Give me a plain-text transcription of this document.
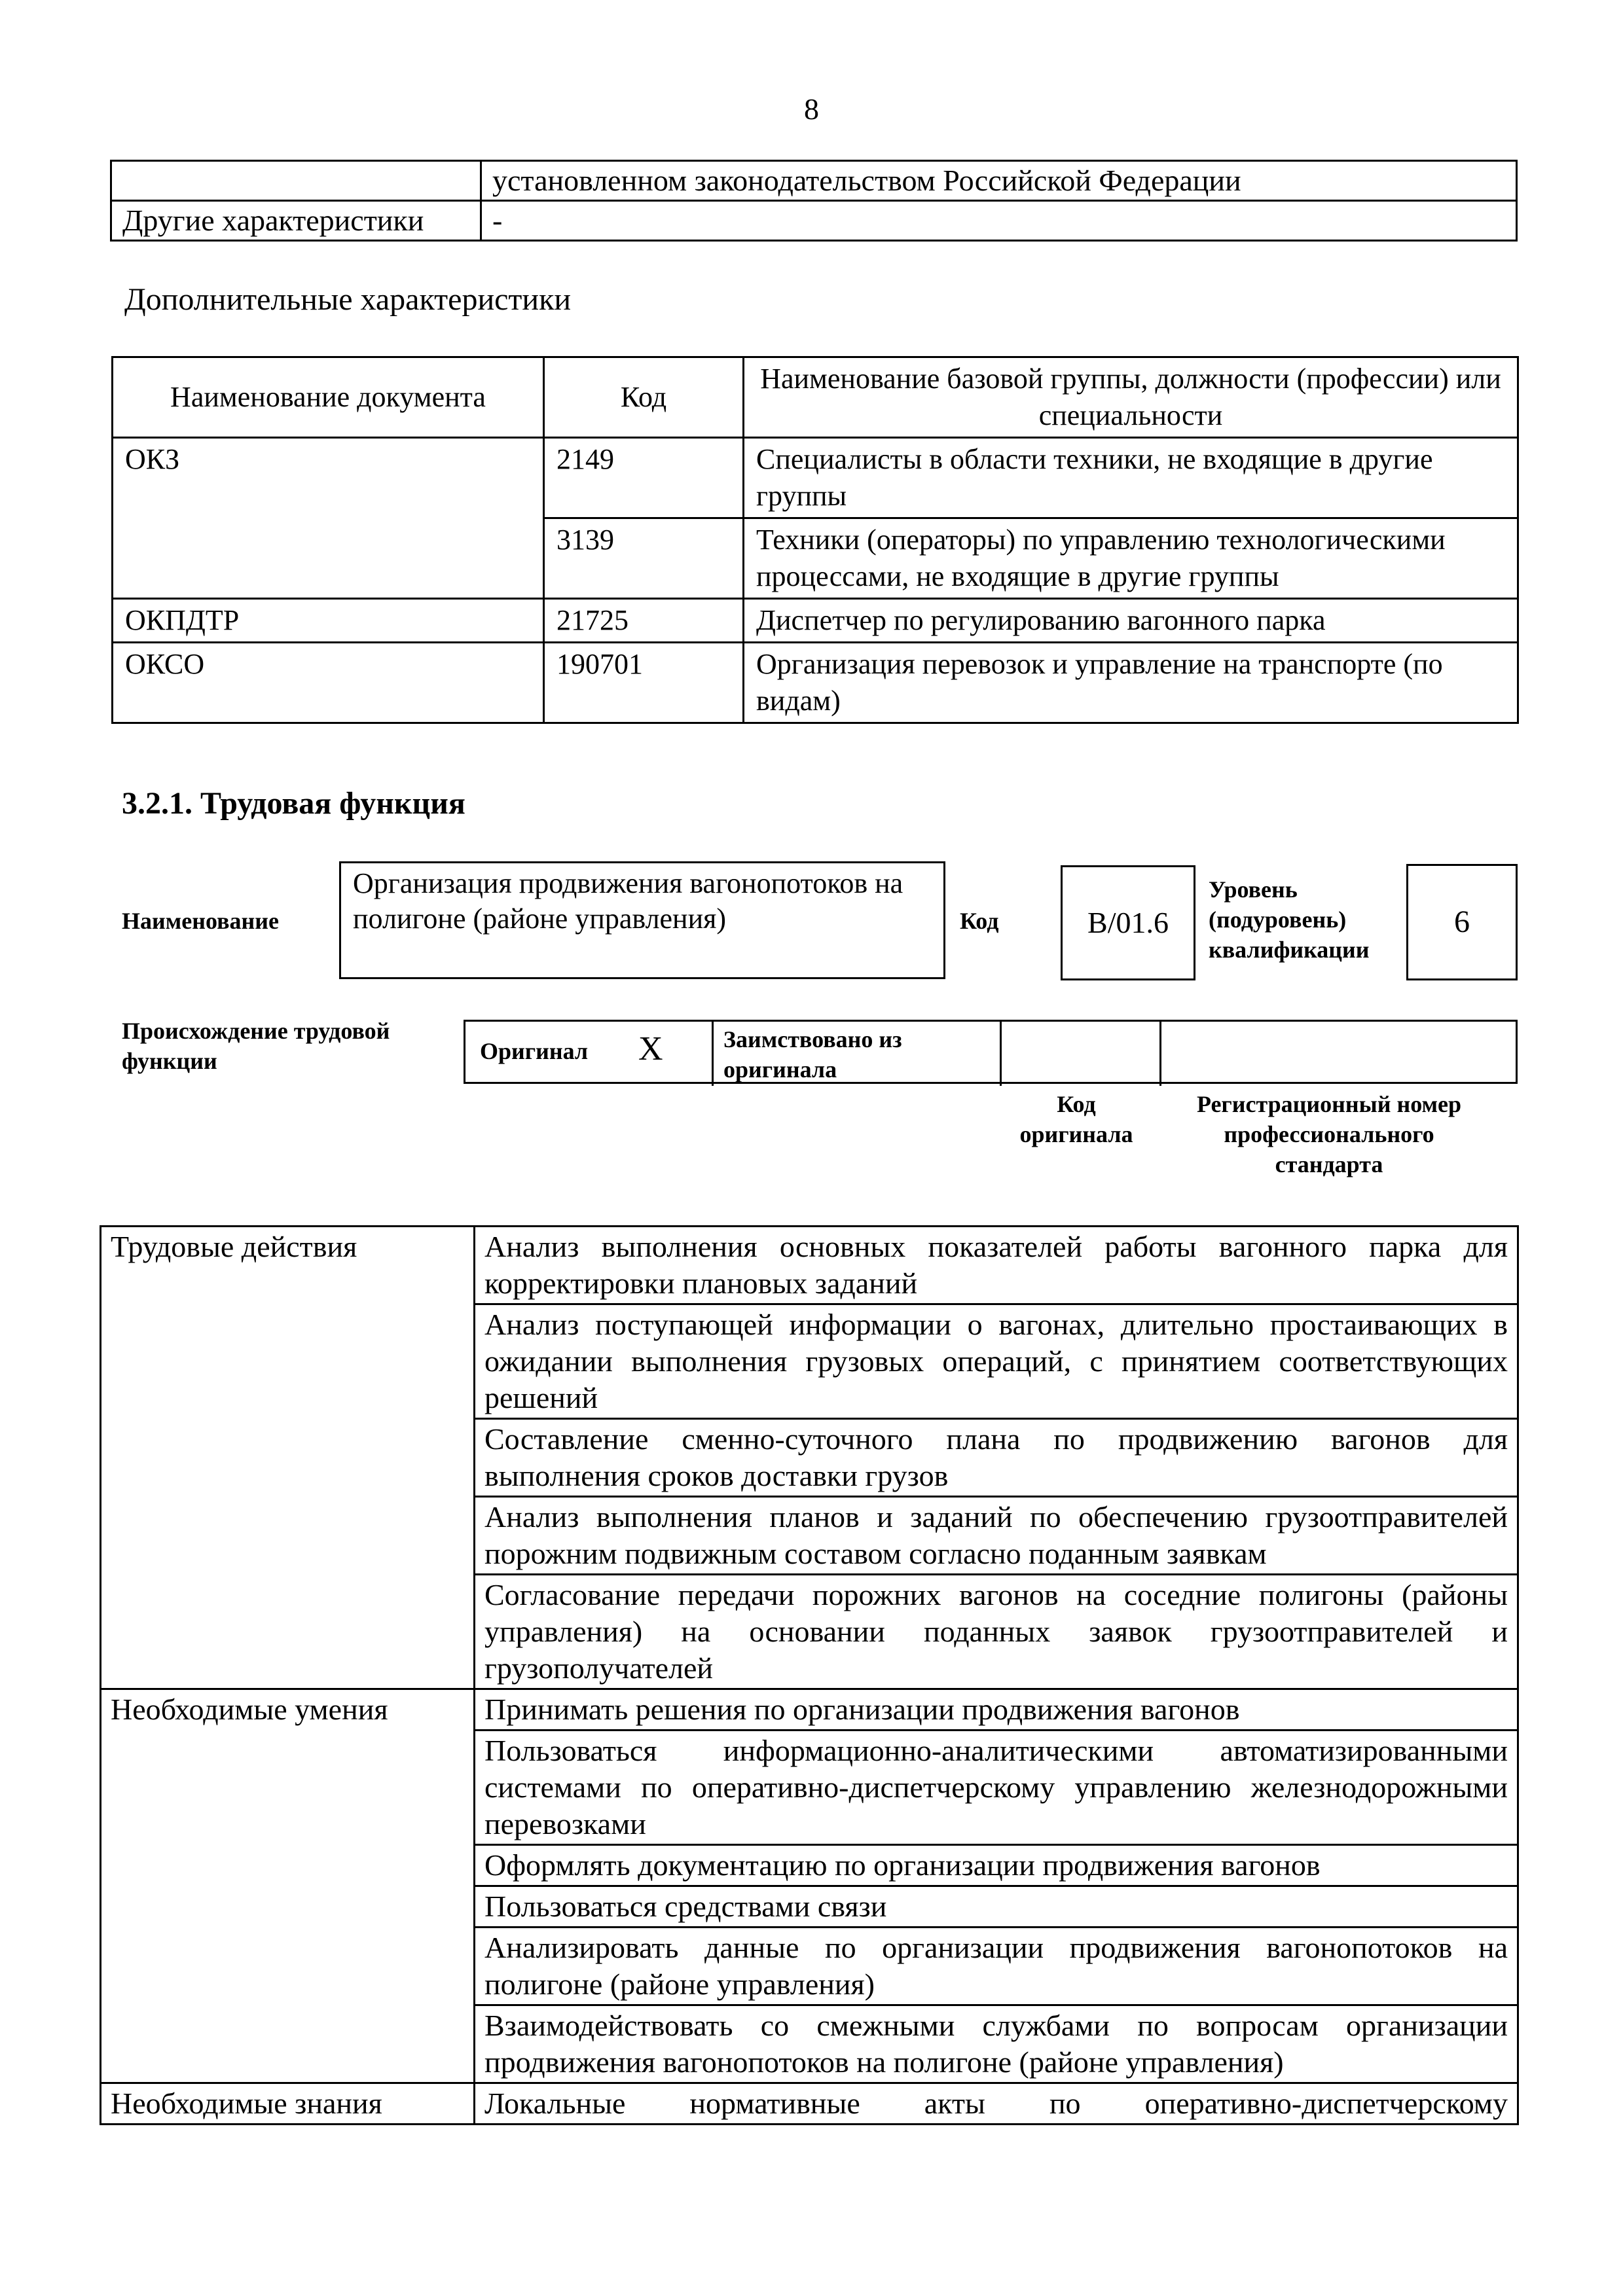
8
	установленном законодательством Российской Федерации
Другие характеристики	-
Дополнительные характеристики
Наименование документа	Код	Наименование базовой группы, должности (профессии) или специальности
ОКЗ	2149	Специалисты в области техники, не входящие в другие группы
	3139	Техники (операторы) по управлению технологическими процессами, не входящие в другие группы
ОКПДТР	21725	Диспетчер по регулированию вагонного парка
ОКСО	190701	Организация перевозок и управление на транспорте (по видам)
3.2.1. Трудовая функция
Наименование
Организация продвижения вагонопотоков на полигоне (районе управления)	Код	В/01.6
Уровень (подуровень) квалификации
6
Происхождение трудовой функции	Оригинал Х	Заимствовано из оригинала
Код оригинала
Регистрационный номер профессионального стандарта
Трудовые действия	Анализ выполнения основных показателей работы вагонного парка для корректировки плановых заданий
	Анализ поступающей информации о вагонах, длительно простаивающих в ожидании выполнения грузовых операций, с принятием соответствующих решений
	Составление сменно-суточного плана по продвижению вагонов для выполнения сроков доставки грузов
	Анализ выполнения планов и заданий по обеспечению грузоотправителей порожним подвижным составом согласно поданным заявкам
	Согласование передачи порожних вагонов на соседние полигоны (районы управления) на основании поданных заявок грузоотправителей и грузополучателей
Необходимые умения	Принимать решения по организации продвижения вагонов
	Пользоваться информационно-аналитическими автоматизированными системами по оперативно-диспетчерскому управлению железнодорожными перевозками
	Оформлять документацию по организации продвижения вагонов
	Пользоваться средствами связи
	Анализировать данные по организации продвижения вагонопотоков на полигоне (районе управления)
	Взаимодействовать со смежными службами по вопросам организации продвижения вагонопотоков на полигоне (районе управления)
Необходимые знания	Локальные нормативные акты по оперативно-диспетчерскому
